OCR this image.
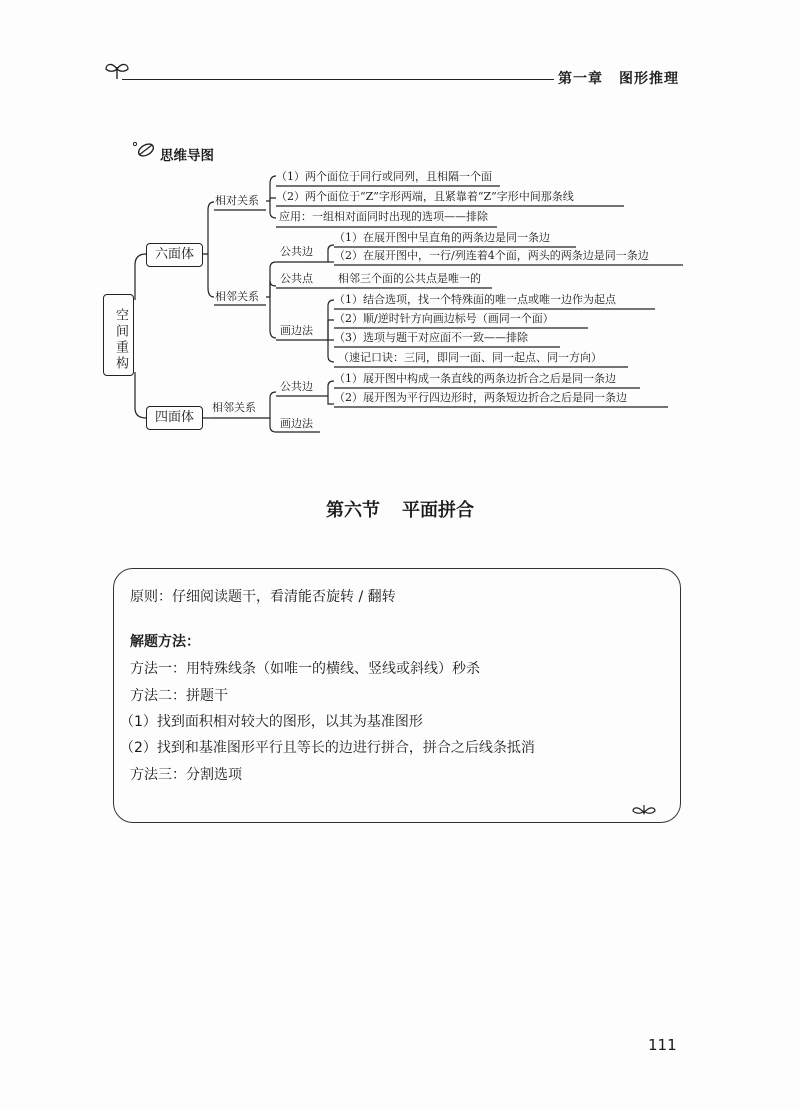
第一章 图形推理
思维导图
空间重构
六面体
四面体
相对关系
（1）两个面位于同行或同列，且相隔一个面
（2）两个面位于“Z”字形两端，且紧靠着“Z”字形中间那条线
应用：一组相对面同时出现的选项——排除
相邻关系
公共边
（1）在展开图中呈直角的两条边是同一条边
（2）在展开图中，一行/列连着4个面，两头的两条边是同一条边
公共点 相邻三个面的公共点是唯一的
画边法
（1）结合选项，找一个特殊面的唯一点或唯一边作为起点
（2）顺/逆时针方向画边标号（画同一个面）
（3）选项与题干对应面不一致——排除
（速记口诀：三同，即同一面、同一起点、同一方向）
相邻关系
公共边
（1）展开图中构成一条直线的两条边折合之后是同一条边
（2）展开图为平行四边形时，两条短边折合之后是同一条边
画边法
第六节 平面拼合
原则：仔细阅读题干，看清能否旋转 / 翻转
解题方法：
方法一：用特殊线条（如唯一的横线、竖线或斜线）秒杀
方法二：拼题干
（1）找到面积相对较大的图形，以其为基准图形
（2）找到和基准图形平行且等长的边进行拼合，拼合之后线条抵消
方法三：分割选项
111
